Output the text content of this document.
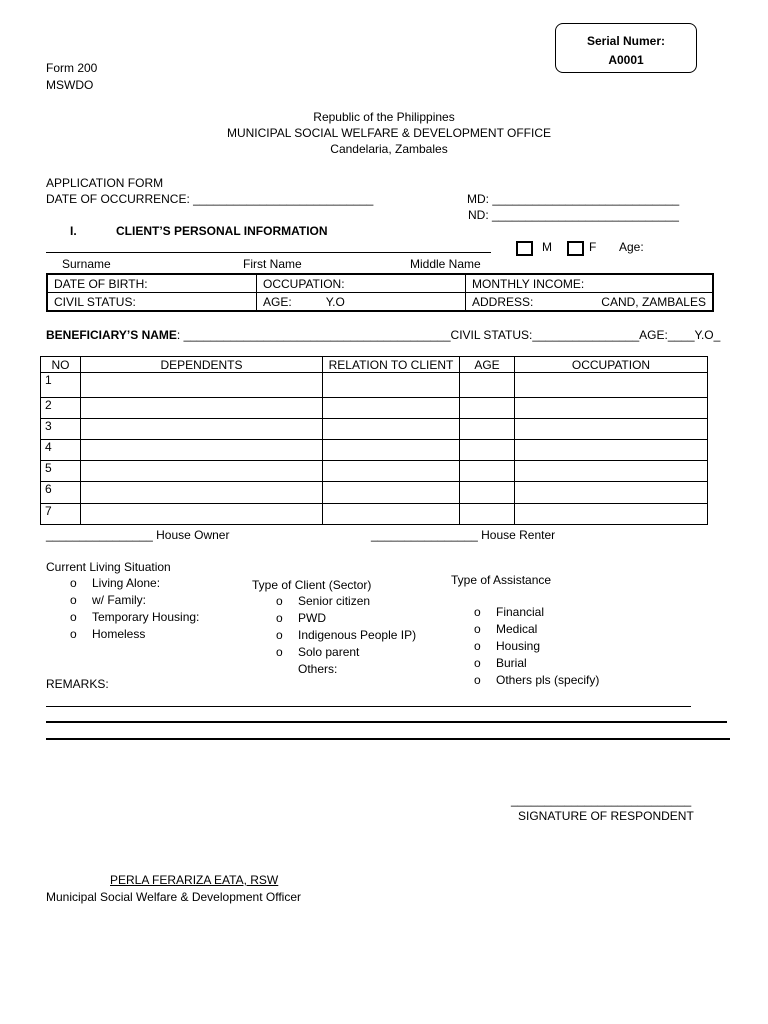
Serial Numer:
A0001
Form 200
MSWDO
Republic of the Philippines
MUNICIPAL SOCIAL WELFARE & DEVELOPMENT OFFICE
Candelaria, Zambales
APPLICATION FORM
DATE OF OCCURRENCE: ___________________________	MD: ____________________________
ND: ____________________________
I.	CLIENT’S PERSONAL INFORMATION
M	F Age:
Surname	First Name	Middle Name
DATE OF BIRTH:	OCCUPATION:	MONTHLY INCOME:
CIVIL STATUS:	AGE: Y.O	ADDRESS: CAND, ZAMBALES
BENEFICIARY’S NAME: ________________________________________CIVIL STATUS:________________AGE:____Y.O_
NO	DEPENDENTS	RELATION TO CLIENT	AGE	OCCUPATION
1				
2				
3				
4				
5				
6				
7				
________________ House Owner	________________ House Renter
Current Living Situation
o Living Alone:
o w/ Family:
o Temporary Housing:
o Homeless
Type of Client (Sector)
o Senior citizen
o PWD
o Indigenous People IP)
o Solo parent
Others:
Type of Assistance
o Financial
o Medical
o Housing
o Burial
o Others pls (specify)
REMARKS:
___________________________
SIGNATURE OF RESPONDENT
PERLA FERARIZA EATA, RSW
Municipal Social Welfare & Development Officer
